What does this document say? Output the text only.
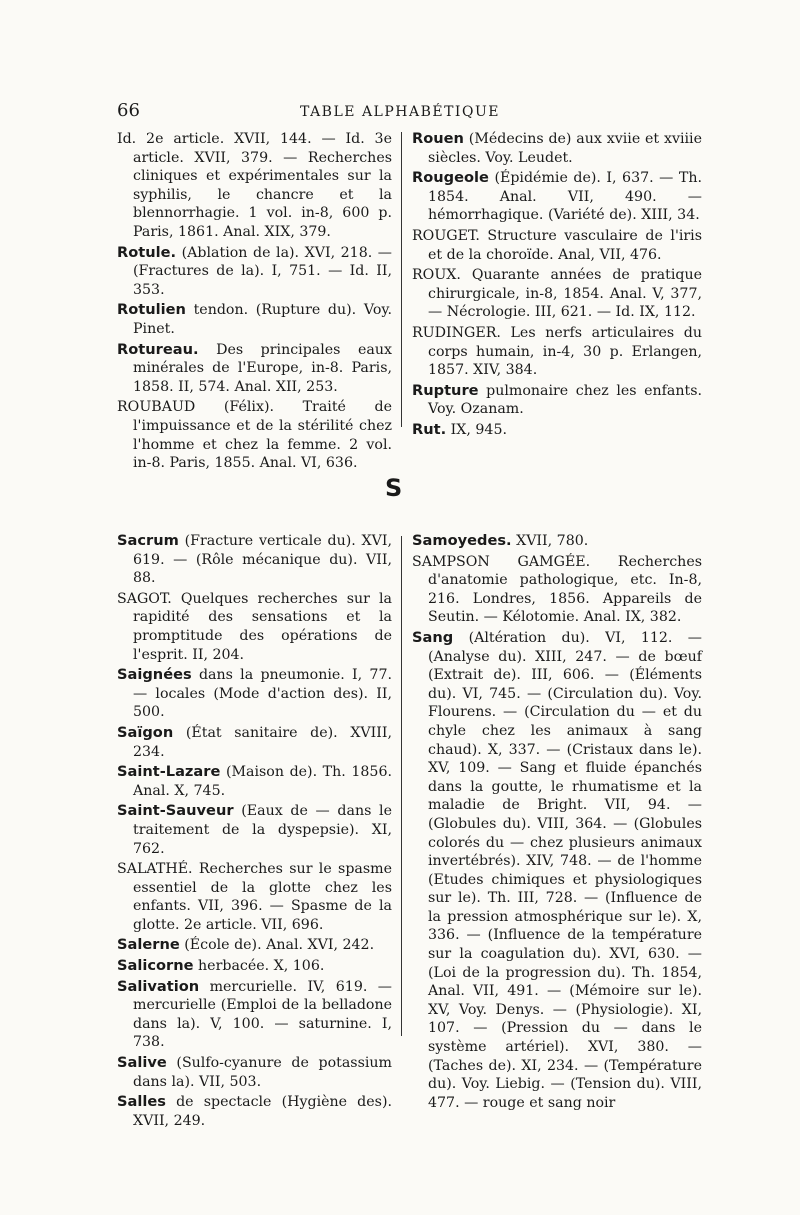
66	TABLE ALPHABÉTIQUE
S

Id. 2e article. XVII, 144. — Id. 3e article. XVII, 379. — Recherches cliniques et expérimentales sur la syphilis, le chancre et la blennorrhagie. 1 vol. in-8, 600 p. Paris, 1861. Anal. XIX, 379.

Rotule. (Ablation de la). XVI, 218. — (Fractures de la). I, 751. — Id. II, 353.

Rotulien tendon. (Rupture du). Voy. Pinet.

Rotureau. Des principales eaux minérales de l'Europe, in-8. Paris, 1858. II, 574. Anal. XII, 253.

ROUBAUD (Félix). Traité de l'impuissance et de la stérilité chez l'homme et chez la femme. 2 vol. in-8. Paris, 1855. Anal. VI, 636.

Rouen (Médecins de) aux xviie et xviiie siècles. Voy. Leudet.

Rougeole (Épidémie de). I, 637. — Th. 1854. Anal. VII, 490. — hémorrhagique. (Variété de). XIII, 34.

ROUGET. Structure vasculaire de l'iris et de la choroïde. Anal, VII, 476.

ROUX. Quarante années de pratique chirurgicale, in-8, 1854. Anal. V, 377, — Nécrologie. III, 621. — Id. IX, 112.

RUDINGER. Les nerfs articulaires du corps humain, in-4, 30 p. Erlangen, 1857. XIV, 384.

Rupture pulmonaire chez les enfants. Voy. Ozanam.

Rut. IX, 945.

Sacrum (Fracture verticale du). XVI, 619. — (Rôle mécanique du). VII, 88.

SAGOT. Quelques recherches sur la rapidité des sensations et la promptitude des opérations de l'esprit. II, 204.

Saignées dans la pneumonie. I, 77. — locales (Mode d'action des). II, 500.

Saïgon (État sanitaire de). XVIII, 234.

Saint-Lazare (Maison de). Th. 1856. Anal. X, 745.

Saint-Sauveur (Eaux de — dans le traitement de la dyspepsie). XI, 762.

SALATHÉ. Recherches sur le spasme essentiel de la glotte chez les enfants. VII, 396. — Spasme de la glotte. 2e article. VII, 696.

Salerne (École de). Anal. XVI, 242.

Salicorne herbacée. X, 106.

Salivation mercurielle. IV, 619. — mercurielle (Emploi de la belladone dans la). V, 100. — saturnine. I, 738.

Salive (Sulfo-cyanure de potassium dans la). VII, 503.

Salles de spectacle (Hygiène des). XVII, 249.

Samoyedes. XVII, 780.

SAMPSON GAMGÉE. Recherches d'anatomie pathologique, etc. In-8, 216. Londres, 1856. Appareils de Seutin. — Kélotomie. Anal. IX, 382.

Sang (Altération du). VI, 112. — (Analyse du). XIII, 247. — de bœuf (Extrait de). III, 606. — (Éléments du). VI, 745. — (Circulation du). Voy. Flourens. — (Circulation du — et du chyle chez les animaux à sang chaud). X, 337. — (Cristaux dans le). XV, 109. — Sang et fluide épanchés dans la goutte, le rhumatisme et la maladie de Bright. VII, 94. — (Globules du). VIII, 364. — (Globules colorés du — chez plusieurs animaux invertébrés). XIV, 748. — de l'homme (Etudes chimiques et physiologiques sur le). Th. III, 728. — (Influence de la pression atmosphérique sur le). X, 336. — (Influence de la température sur la coagulation du). XVI, 630. — (Loi de la progression du). Th. 1854, Anal. VII, 491. — (Mémoire sur le). XV, Voy. Denys. — (Physiologie). XI, 107. — (Pression du — dans le système artériel). XVI, 380. — (Taches de). XI, 234. — (Température du). Voy. Liebig. — (Tension du). VIII, 477. — rouge et sang noir
